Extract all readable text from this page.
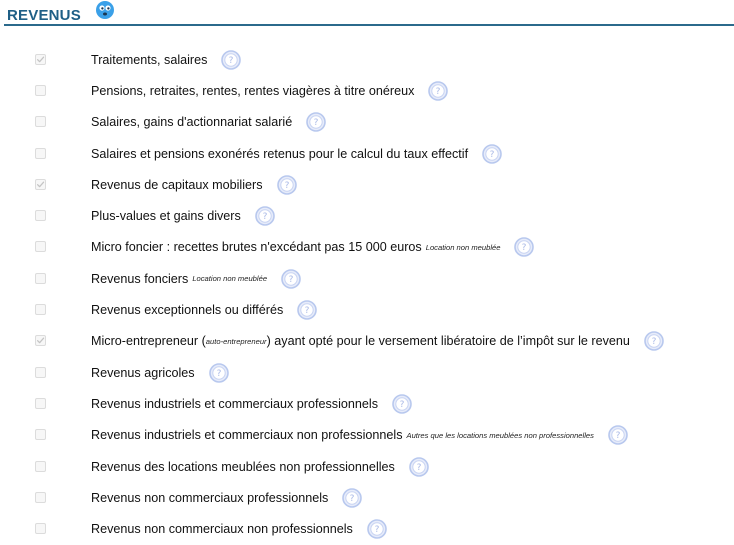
REVENUS
Traitements, salaires ?
Pensions, retraites, rentes, rentes viagères à titre onéreux ?
Salaires, gains d'actionnariat salarié ?
Salaires et pensions exonérés retenus pour le calcul du taux effectif ?
Revenus de capitaux mobiliers ?
Plus-values et gains divers ?
Micro foncier : recettes brutes n'excédant pas 15 000 euros Location non meublée ?
Revenus fonciers Location non meublée ?
Revenus exceptionnels ou différés ?
Micro-entrepreneur ( auto-entrepreneur ) ayant opté pour le versement libératoire de l’impôt sur le revenu ?
Revenus agricoles ?
Revenus industriels et commerciaux professionnels ?
Revenus industriels et commerciaux non professionnels Autres que les locations meublées non professionnelles ?
Revenus des locations meublées non professionnelles ?
Revenus non commerciaux professionnels ?
Revenus non commerciaux non professionnels ?
